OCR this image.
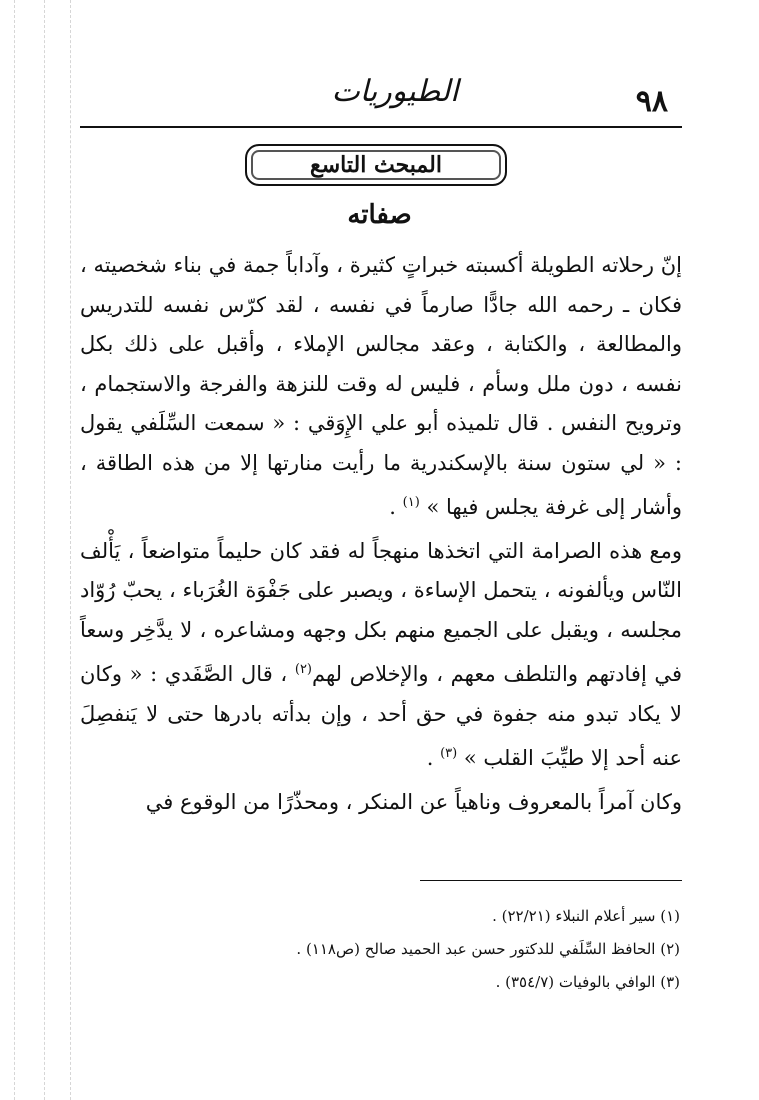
الطيوريات	٩٨
المبحث التاسع
صفاته

إنّ رحلاته الطويلة أكسبته خبراتٍ كثيرة ، وآداباً جمة في بناء شخصيته ، فكان ـ رحمه الله جادًّا صارماً في نفسه ، لقد كرّس نفسه للتدريس والمطالعة ، والكتابة ، وعقد مجالس الإملاء ، وأقبل على ذلك بكل نفسه ، دون ملل وسأم ، فليس له وقت للنزهة والفرجة والاستجمام ، وترويح النفس . قال تلميذه أبو علي الإِوَقي : « سمعت السِّلَفي يقول : « لي ستون سنة بالإسكندرية ما رأيت منارتها إلا من هذه الطاقة ، وأشار إلى غرفة يجلس فيها » $^{(١)}$ .

ومع هذه الصرامة التي اتخذها منهجاً له فقد كان حليماً متواضعاً ، يَأْلف النّاس ويألفونه ، يتحمل الإساءة ، ويصبر على جَفْوَة الغُرَباء ، يحبّ رُوّاد مجلسه ، ويقبل على الجميع منهم بكل وجهه ومشاعره ، لا يدَّخِر وسعاً في إفادتهم والتلطف معهم ، والإخلاص لهم$^{(٢)}$ ، قال الصَّفَدي : « وكان لا يكاد تبدو منه جفوة في حق أحد ، وإن بدأته بادرها حتى لا يَنفصِلَ عنه أحد إلا طيِّبَ القلب » $^{(٣)}$ .

وكان آمراً بالمعروف وناهياً عن المنكر ، ومحذّرًا من الوقوع في

(١) سير أعلام النبلاء (٢٢/٢١) .
(٢) الحافظ السِّلَفي للدكتور حسن عبد الحميد صالح (ص١١٨) .
(٣) الوافي بالوفيات (٣٥٤/٧) .
